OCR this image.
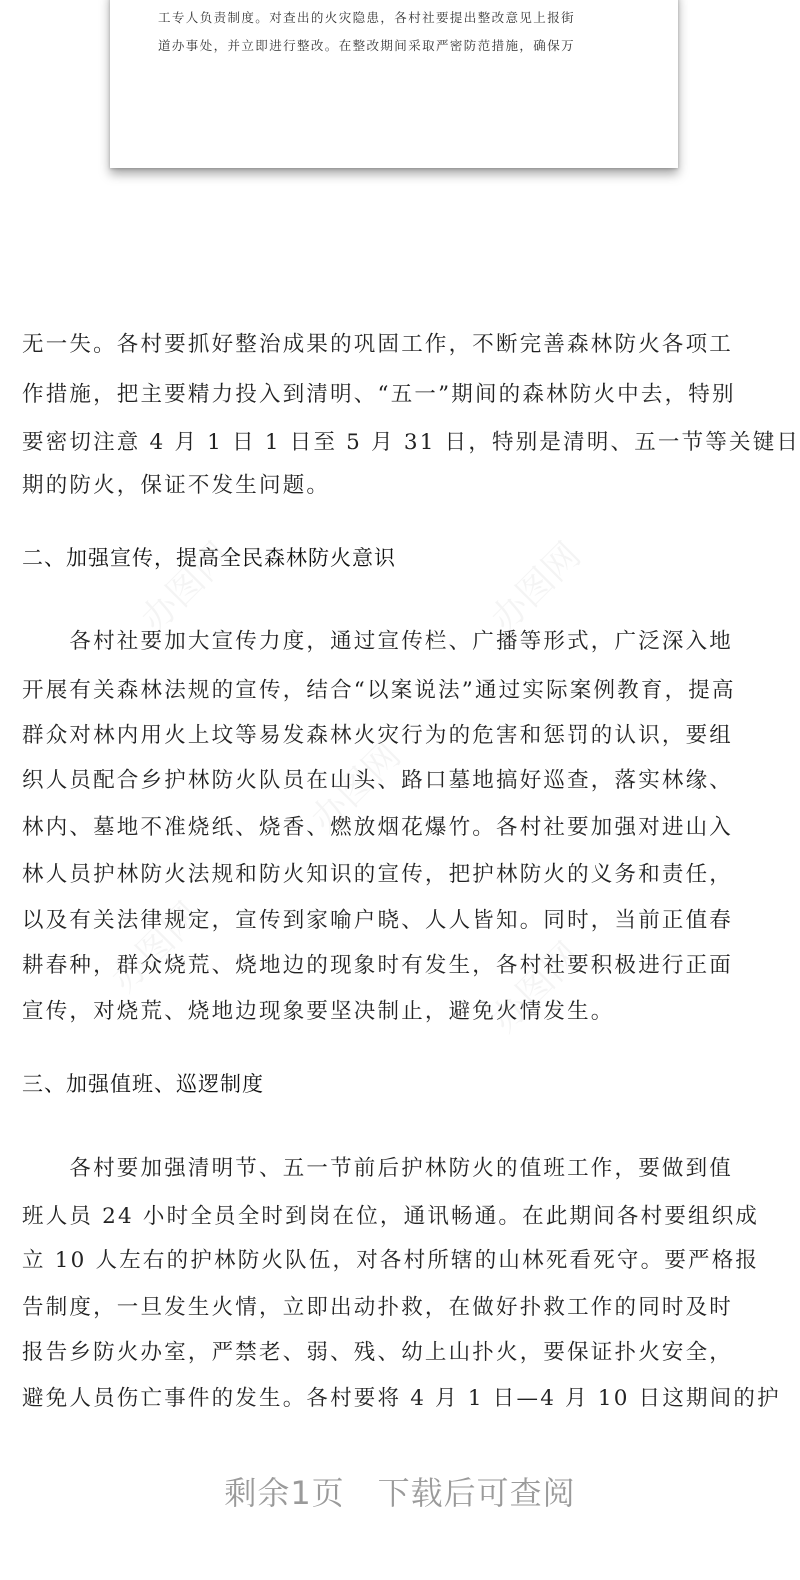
工专人负责制度。对查出的火灾隐患，各村社要提出整改意见上报街
道办事处，并立即进行整改。在整改期间采取严密防范措施，确保万
无一失。各村要抓好整治成果的巩固工作，不断完善森林防火各项工
作措施，把主要精力投入到清明、“五一”期间的森林防火中去，特别
要密切注意 4 月 1 日 1 日至 5 月 31 日，特别是清明、五一节等关键日
期的防火，保证不发生问题。
二、加强宣传，提高全民森林防火意识
　　各村社要加大宣传力度，通过宣传栏、广播等形式，广泛深入地
开展有关森林法规的宣传，结合“以案说法”通过实际案例教育，提高
群众对林内用火上坟等易发森林火灾行为的危害和惩罚的认识，要组
织人员配合乡护林防火队员在山头、路口墓地搞好巡查，落实林缘、
林内、墓地不准烧纸、烧香、燃放烟花爆竹。各村社要加强对进山入
林人员护林防火法规和防火知识的宣传，把护林防火的义务和责任，
以及有关法律规定，宣传到家喻户晓、人人皆知。同时，当前正值春
耕春种，群众烧荒、烧地边的现象时有发生，各村社要积极进行正面
宣传，对烧荒、烧地边现象要坚决制止，避免火情发生。
三、加强值班、巡逻制度
　　各村要加强清明节、五一节前后护林防火的值班工作，要做到值
班人员 24 小时全员全时到岗在位，通讯畅通。在此期间各村要组织成
立 10 人左右的护林防火队伍，对各村所辖的山林死看死守。要严格报
告制度，一旦发生火情，立即出动扑救，在做好扑救工作的同时及时
报告乡防火办室，严禁老、弱、残、幼上山扑火，要保证扑火安全，
避免人员伤亡事件的发生。各村要将 4 月 1 日—4 月 10 日这期间的护
剩余1页　下载后可查阅
